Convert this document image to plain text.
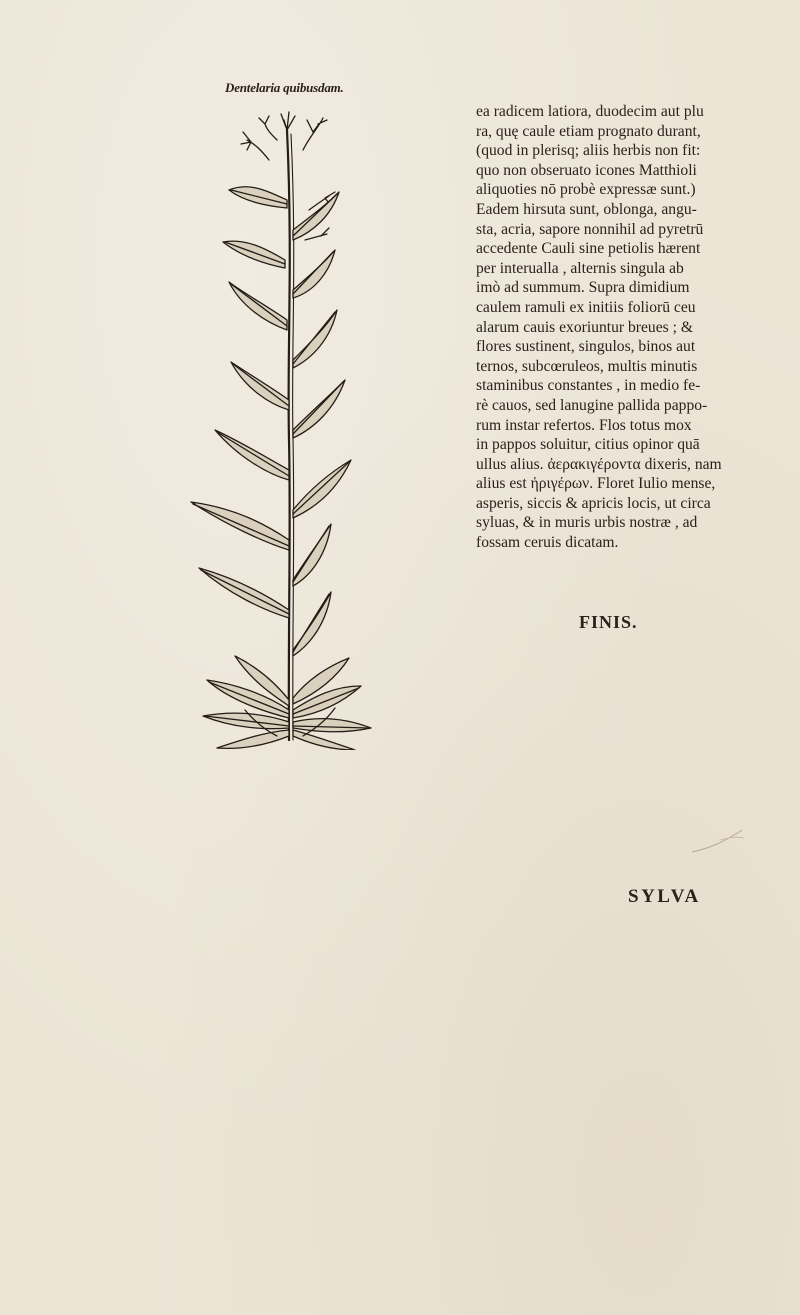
Dentelaria quibusdam.
ea radicem latiora, duodecim aut plu
ra, quę caule etiam prognato durant,
(quod in plerisq; aliis herbis non fit:
quo non obseruato icones Matthioli
aliquoties nō probè expressæ sunt.)
Eadem hirsuta sunt, oblonga, angu-
sta, acria, sapore nonnihil ad pyretrū
accedente Cauli sine petiolis hærent
per interualla , alternis singula ab
imò ad summum. Supra dimidium
caulem ramuli ex initiis foliorū ceu
alarum cauis exoriuntur breues ; &
flores sustinent, singulos, binos aut
ternos, subcœruleos, multis minutis
staminibus constantes , in medio fe-
rè cauos, sed lanugine pallida pappo-
rum instar refertos. Flos totus mox
in pappos soluitur, citius opinor quā
ullus alius. ἀερακιγέροντα dixeris, nam
alius est ἠριγέρων. Floret Iulio mense,
asperis, siccis & apricis locis, ut circa
syluas, & in muris urbis nostræ , ad
fossam ceruis dicatam.
FINIS.
SYLVA
